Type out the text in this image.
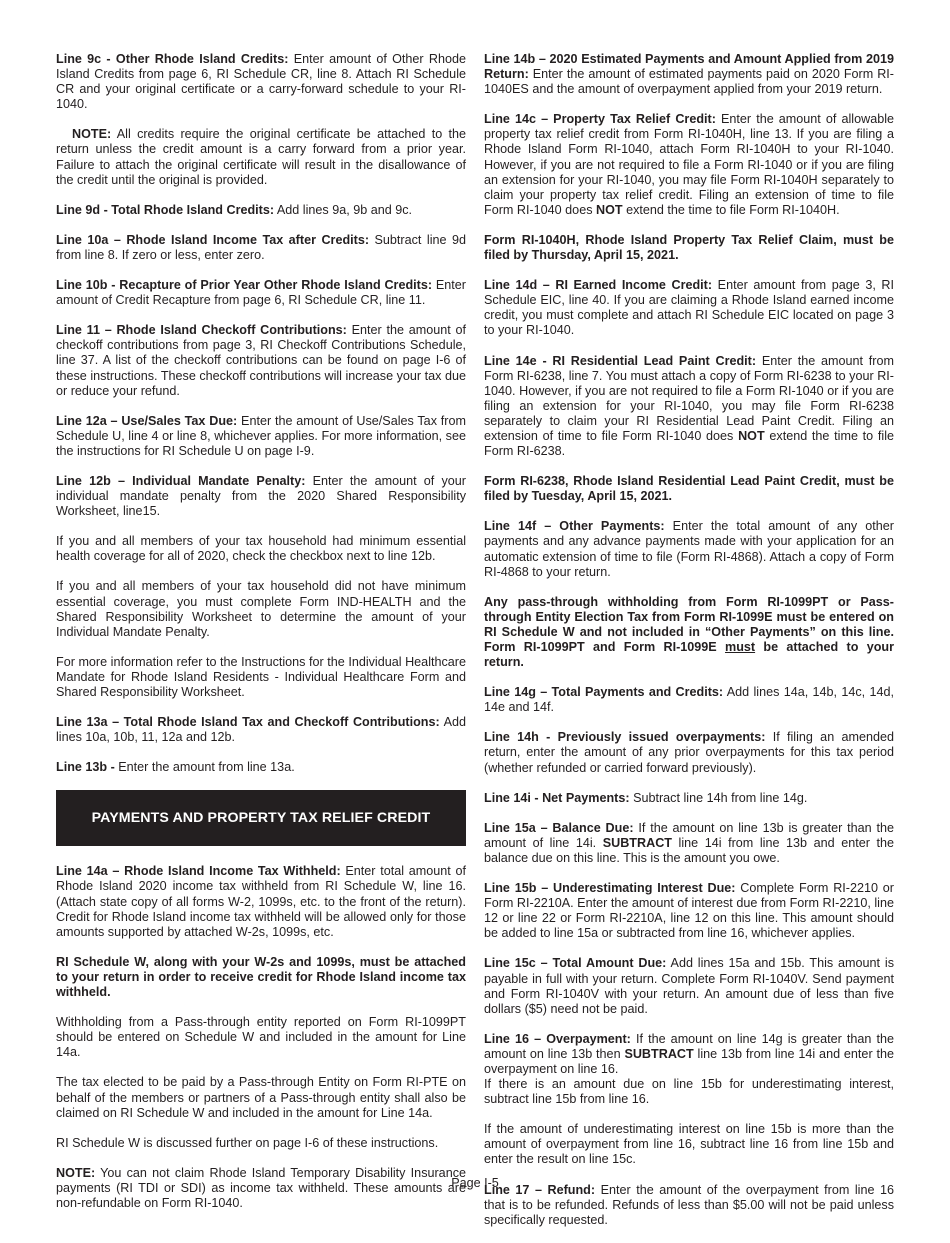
Line 9c - Other Rhode Island Credits: Enter amount of Other Rhode Island Credits from page 6, RI Schedule CR, line 8. Attach RI Schedule CR and your original certificate or a carry-forward schedule to your RI-1040.

NOTE: All credits require the original certificate be attached to the return unless the credit amount is a carry forward from a prior year. Failure to attach the original certificate will result in the disallowance of the credit until the original is provided.

Line 9d - Total Rhode Island Credits: Add lines 9a, 9b and 9c.

Line 10a – Rhode Island Income Tax after Credits: Subtract line 9d from line 8. If zero or less, enter zero.

Line 10b - Recapture of Prior Year Other Rhode Island Credits: Enter amount of Credit Recapture from page 6, RI Schedule CR, line 11.

Line 11 – Rhode Island Checkoff Contributions: Enter the amount of checkoff contributions from page 3, RI Checkoff Contributions Schedule, line 37. A list of the checkoff contributions can be found on page I-6 of these instructions. These checkoff contributions will increase your tax due or reduce your refund.

Line 12a – Use/Sales Tax Due: Enter the amount of Use/Sales Tax from Schedule U, line 4 or line 8, whichever applies. For more information, see the instructions for RI Schedule U on page I-9.

Line 12b – Individual Mandate Penalty: Enter the amount of your individual mandate penalty from the 2020 Shared Responsibility Worksheet, line15.

If you and all members of your tax household had minimum essential health coverage for all of 2020, check the checkbox next to line 12b.

If you and all members of your tax household did not have minimum essential coverage, you must complete Form IND-HEALTH and the Shared Responsibility Worksheet to determine the amount of your Individual Mandate Penalty.

For more information refer to the Instructions for the Individual Healthcare Mandate for Rhode Island Residents - Individual Healthcare Form and Shared Responsibility Worksheet.

Line 13a – Total Rhode Island Tax and Checkoff Contributions: Add lines 10a, 10b, 11, 12a and 12b.

Line 13b - Enter the amount from line 13a.

PAYMENTS AND PROPERTY TAX RELIEF CREDIT

Line 14a – Rhode Island Income Tax Withheld: Enter total amount of Rhode Island 2020 income tax withheld from RI Schedule W, line 16. (Attach state copy of all forms W-2, 1099s, etc. to the front of the return). Credit for Rhode Island income tax withheld will be allowed only for those amounts supported by attached W-2s, 1099s, etc.

RI Schedule W, along with your W-2s and 1099s, must be attached to your return in order to receive credit for Rhode Island income tax withheld.

Withholding from a Pass-through entity reported on Form RI-1099PT should be entered on Schedule W and included in the amount for Line 14a.

The tax elected to be paid by a Pass-through Entity on Form RI-PTE on behalf of the members or partners of a Pass-through entity shall also be claimed on RI Schedule W and included in the amount for Line 14a.

RI Schedule W is discussed further on page I-6 of these instructions.

NOTE: You can not claim Rhode Island Temporary Disability Insurance payments (RI TDI or SDI) as income tax withheld. These amounts are non-refundable on Form RI-1040.

Line 14b – 2020 Estimated Payments and Amount Applied from 2019 Return: Enter the amount of estimated payments paid on 2020 Form RI-1040ES and the amount of overpayment applied from your 2019 return.

Line 14c – Property Tax Relief Credit: Enter the amount of allowable property tax relief credit from Form RI-1040H, line 13. If you are filing a Rhode Island Form RI-1040, attach Form RI-1040H to your RI-1040. However, if you are not required to file a Form RI-1040 or if you are filing an extension for your RI-1040, you may file Form RI-1040H separately to claim your property tax relief credit. Filing an extension of time to file Form RI-1040 does NOT extend the time to file Form RI-1040H.

Form RI-1040H, Rhode Island Property Tax Relief Claim, must be filed by Thursday, April 15, 2021.

Line 14d – RI Earned Income Credit: Enter amount from page 3, RI Schedule EIC, line 40. If you are claiming a Rhode Island earned income credit, you must complete and attach RI Schedule EIC located on page 3 to your RI-1040.

Line 14e - RI Residential Lead Paint Credit: Enter the amount from Form RI-6238, line 7. You must attach a copy of Form RI-6238 to your RI-1040. However, if you are not required to file a Form RI-1040 or if you are filing an extension for your RI-1040, you may file Form RI-6238 separately to claim your RI Residential Lead Paint Credit. Filing an extension of time to file Form RI-1040 does NOT extend the time to file Form RI-6238.

Form RI-6238, Rhode Island Residential Lead Paint Credit, must be filed by Tuesday, April 15, 2021.

Line 14f – Other Payments: Enter the total amount of any other payments and any advance payments made with your application for an automatic extension of time to file (Form RI-4868). Attach a copy of Form RI-4868 to your return.

Any pass-through withholding from Form RI-1099PT or Pass-through Entity Election Tax from Form RI-1099E must be entered on RI Schedule W and not included in “Other Payments” on this line. Form RI-1099PT and Form RI-1099E must be attached to your return.

Line 14g – Total Payments and Credits: Add lines 14a, 14b, 14c, 14d, 14e and 14f.

Line 14h - Previously issued overpayments: If filing an amended return, enter the amount of any prior overpayments for this tax period (whether refunded or carried forward previously).

Line 14i - Net Payments: Subtract line 14h from line 14g.

Line 15a – Balance Due: If the amount on line 13b is greater than the amount of line 14i. SUBTRACT line 14i from line 13b and enter the balance due on this line. This is the amount you owe.

Line 15b – Underestimating Interest Due: Complete Form RI-2210 or Form RI-2210A. Enter the amount of interest due from Form RI-2210, line 12 or line 22 or Form RI-2210A, line 12 on this line. This amount should be added to line 15a or subtracted from line 16, whichever applies.

Line 15c – Total Amount Due: Add lines 15a and 15b. This amount is payable in full with your return. Complete Form RI-1040V. Send payment and Form RI-1040V with your return. An amount due of less than five dollars ($5) need not be paid.

Line 16 – Overpayment: If the amount on line 14g is greater than the amount on line 13b then SUBTRACT line 13b from line 14i and enter the overpayment on line 16.

If there is an amount due on line 15b for underestimating interest, subtract line 15b from line 16.

If the amount of underestimating interest on line 15b is more than the amount of overpayment from line 16, subtract line 16 from line 15b and enter the result on line 15c.

Line 17 – Refund: Enter the amount of the overpayment from line 16 that is to be refunded. Refunds of less than $5.00 will not be paid unless specifically requested.

Page I-5
